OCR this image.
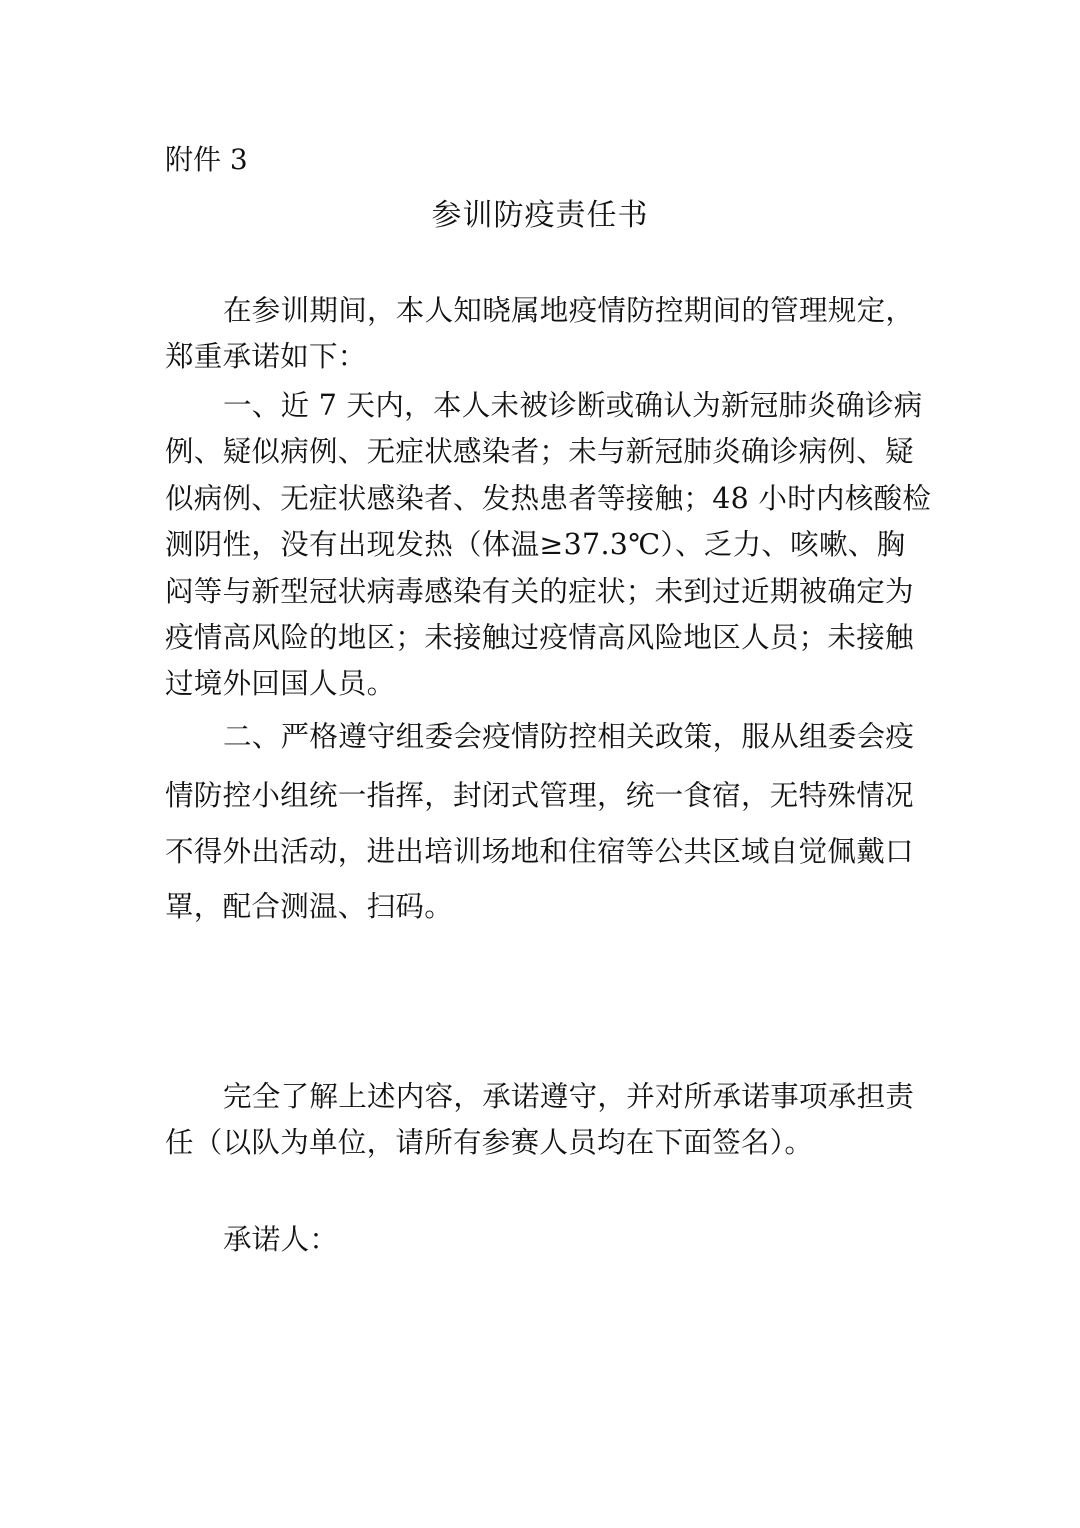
附件 3
参训防疫责任书
在参训期间，本人知晓属地疫情防控期间的管理规定，
郑重承诺如下：
一、近 7 天内，本人未被诊断或确认为新冠肺炎确诊病
例、疑似病例、无症状感染者；未与新冠肺炎确诊病例、疑
似病例、无症状感染者、发热患者等接触；48 小时内核酸检
测阴性，没有出现发热（体温≥37.3℃）、乏力、咳嗽、胸
闷等与新型冠状病毒感染有关的症状；未到过近期被确定为
疫情高风险的地区；未接触过疫情高风险地区人员；未接触
过境外回国人员。
二、严格遵守组委会疫情防控相关政策，服从组委会疫
情防控小组统一指挥，封闭式管理，统一食宿，无特殊情况
不得外出活动，进出培训场地和住宿等公共区域自觉佩戴口
罩，配合测温、扫码。
完全了解上述内容，承诺遵守，并对所承诺事项承担责
任（以队为单位，请所有参赛人员均在下面签名）。
承诺人：
